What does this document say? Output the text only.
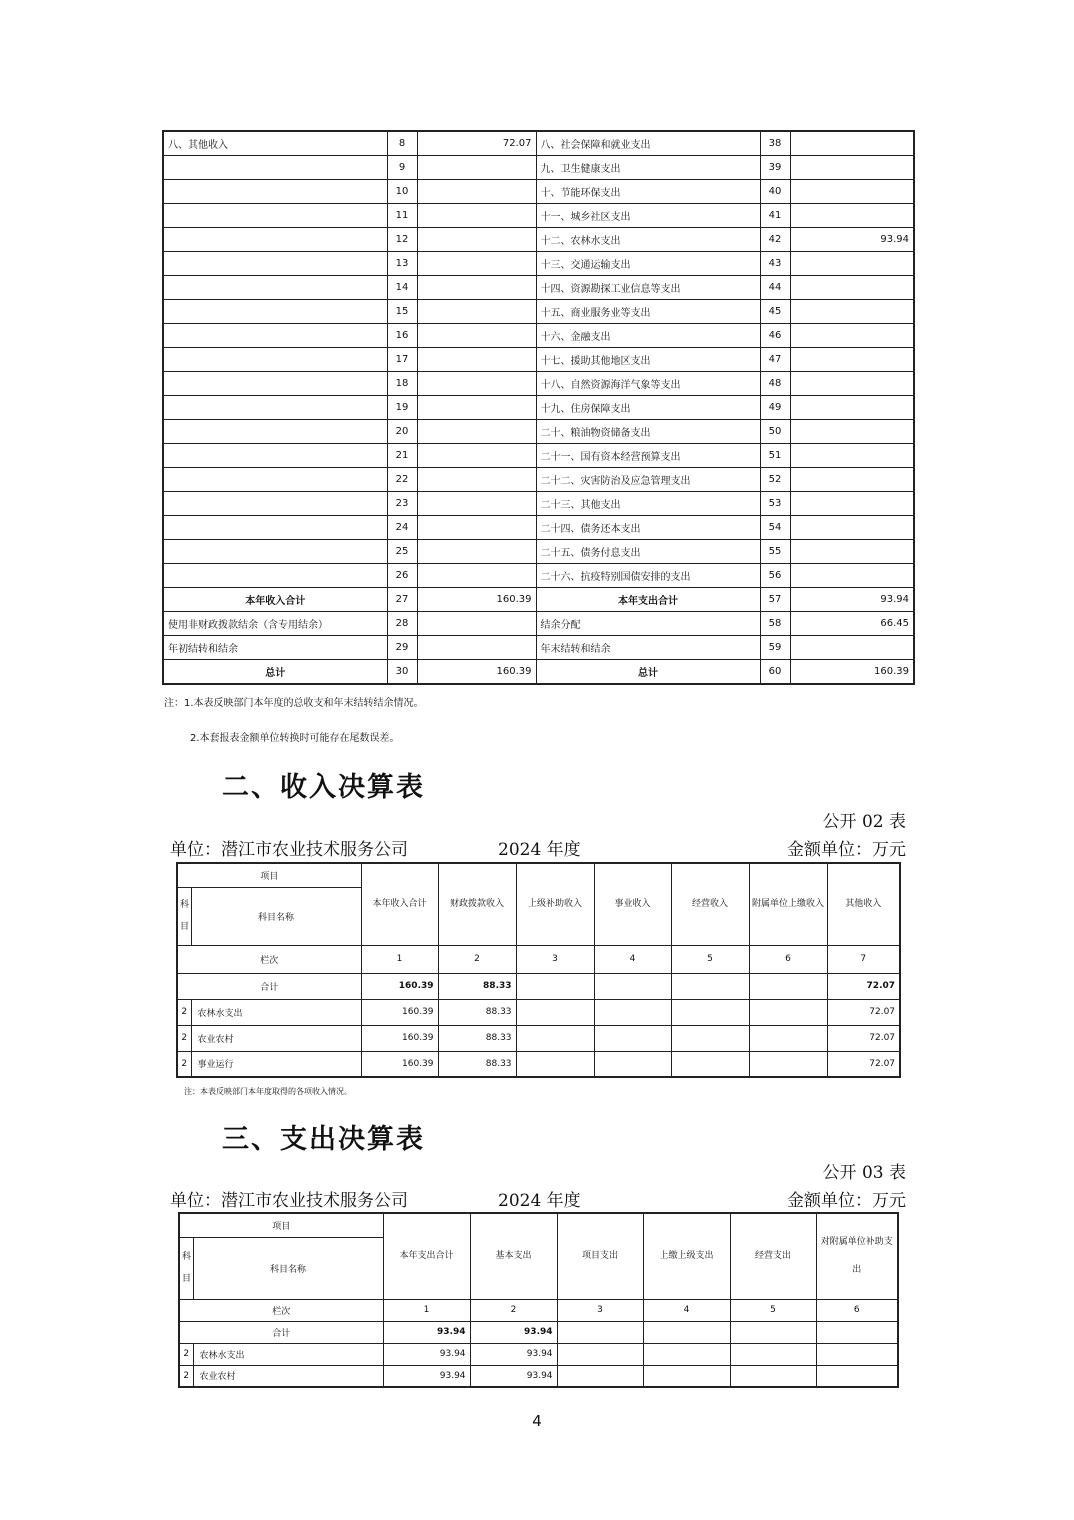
八、其他收入	8	72.07	八、社会保障和就业支出	38	
	9		九、卫生健康支出	39	
	10		十、节能环保支出	40	
	11		十一、城乡社区支出	41	
	12		十二、农林水支出	42	93.94
	13		十三、交通运输支出	43	
	14		十四、资源勘探工业信息等支出	44	
	15		十五、商业服务业等支出	45	
	16		十六、金融支出	46	
	17		十七、援助其他地区支出	47	
	18		十八、自然资源海洋气象等支出	48	
	19		十九、住房保障支出	49	
	20		二十、粮油物资储备支出	50	
	21		二十一、国有资本经营预算支出	51	
	22		二十二、灾害防治及应急管理支出	52	
	23		二十三、其他支出	53	
	24		二十四、债务还本支出	54	
	25		二十五、债务付息支出	55	
	26		二十六、抗疫特别国债安排的支出	56	
本年收入合计	27	160.39	本年支出合计	57	93.94
使用非财政拨款结余（含专用结余）	28		结余分配	58	66.45
年初结转和结余	29		年末结转和结余	59	
总计	30	160.39	总计	60	160.39
注：1.本表反映部门本年度的总收支和年末结转结余情况。
2.本套报表金额单位转换时可能存在尾数误差。
二、收入决算表
公开 02 表
单位：潜江市农业技术服务公司	2024 年度	金额单位：万元
项目		本年收入合计	财政拨款收入	上级补助收入	事业收入	经营收入	附属单位上缴收入	其他收入
科目	科目名称							
栏次		1	2	3	4	5	6	7
合计		160.39	88.33					72.07
2	农林水支出	160.39	88.33					72.07
2	农业农村	160.39	88.33					72.07
2	事业运行	160.39	88.33					72.07
注：本表反映部门本年度取得的各项收入情况。
三、支出决算表
公开 03 表
单位：潜江市农业技术服务公司	2024 年度	金额单位：万元
项目		本年支出合计	基本支出	项目支出	上缴上级支出	经营支出	对附属单位补助支出
科目	科目名称						
栏次		1	2	3	4	5	6
合计		93.94	93.94				
2	农林水支出	93.94	93.94				
2	农业农村	93.94	93.94				
4
